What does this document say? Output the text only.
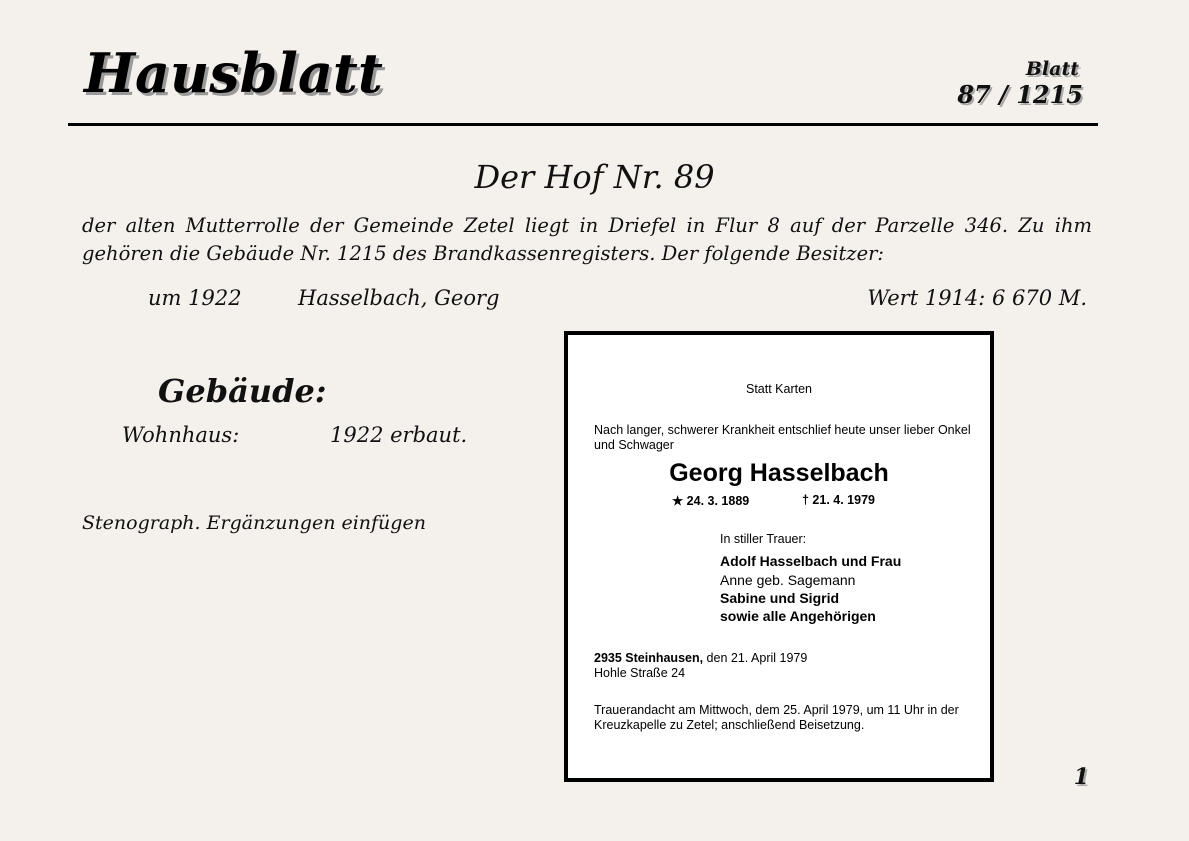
Hausblatt	Blatt
87 / 1215
Der Hof Nr. 89
der alten Mutterrolle der Gemeinde Zetel liegt in Driefel in Flur 8 auf der Parzelle 346. Zu ihm gehören die Gebäude Nr. 1215 des Brandkassenregisters. Der folgende Besitzer:
um 1922	Hasselbach, Georg	Wert 1914: 6 670 M.
Gebäude:
Wohnhaus:	1922 erbaut.
Stenograph. Ergänzungen einfügen
Statt Karten
Nach langer, schwerer Krankheit entschlief heute unser lieber Onkel und Schwager
Georg Hasselbach
★ 24. 3. 1889	† 21. 4. 1979
In stiller Trauer:
Adolf Hasselbach und Frau
Anne geb. Sagemann
Sabine und Sigrid
sowie alle Angehörigen
2935 Steinhausen, den 21. April 1979
Hohle Straße 24
Trauerandacht am Mittwoch, dem 25. April 1979, um 11 Uhr in der Kreuzkapelle zu Zetel; anschließend Beisetzung.
1
